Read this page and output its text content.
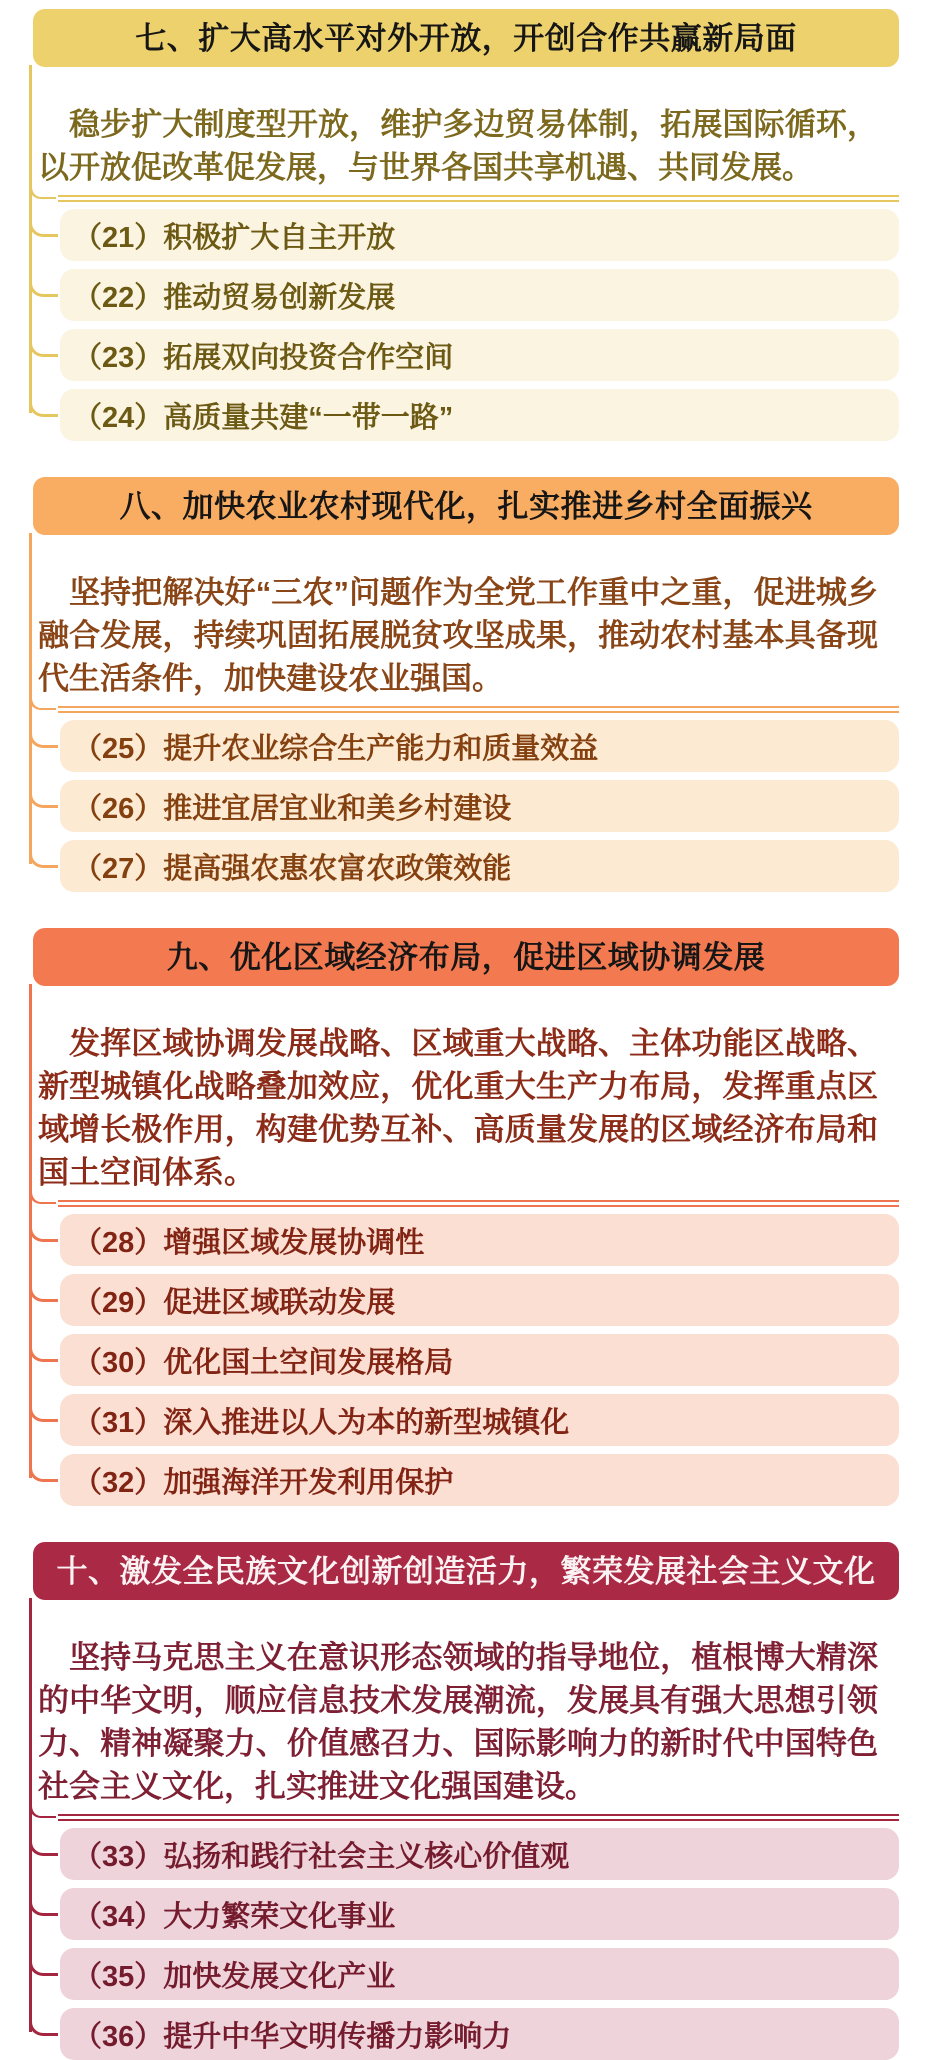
七、扩大高水平对外开放，开创合作共赢新局面

稳步扩大制度型开放，维护多边贸易体制，拓展国际循环，以开放促改革促发展，与世界各国共享机遇、共同发展。

（21）积极扩大自主开放
（22）推动贸易创新发展
（23）拓展双向投资合作空间
（24）高质量共建“一带一路”
八、加快农业农村现代化，扎实推进乡村全面振兴

坚持把解决好“三农”问题作为全党工作重中之重，促进城乡融合发展，持续巩固拓展脱贫攻坚成果，推动农村基本具备现代生活条件，加快建设农业强国。

（25）提升农业综合生产能力和质量效益
（26）推进宜居宜业和美乡村建设
（27）提高强农惠农富农政策效能
九、优化区域经济布局，促进区域协调发展

发挥区域协调发展战略、区域重大战略、主体功能区战略、新型城镇化战略叠加效应，优化重大生产力布局，发挥重点区域增长极作用，构建优势互补、高质量发展的区域经济布局和国土空间体系。

（28）增强区域发展协调性
（29）促进区域联动发展
（30）优化国土空间发展格局
（31）深入推进以人为本的新型城镇化
（32）加强海洋开发利用保护
十、激发全民族文化创新创造活力，繁荣发展社会主义文化

坚持马克思主义在意识形态领域的指导地位，植根博大精深的中华文明，顺应信息技术发展潮流，发展具有强大思想引领力、精神凝聚力、价值感召力、国际影响力的新时代中国特色社会主义文化，扎实推进文化强国建设。

（33）弘扬和践行社会主义核心价值观
（34）大力繁荣文化事业
（35）加快发展文化产业
（36）提升中华文明传播力影响力
